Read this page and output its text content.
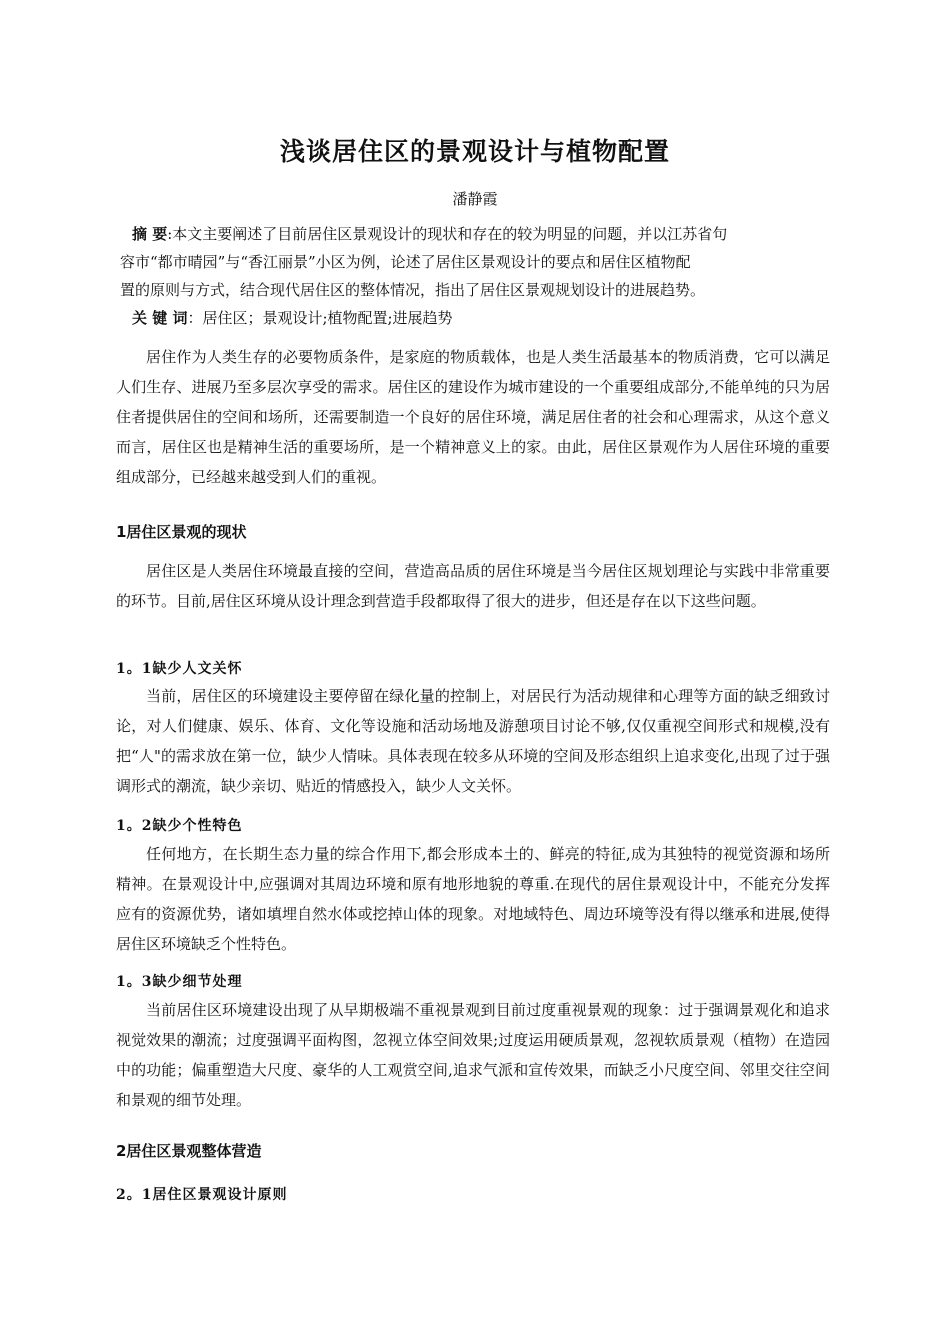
浅谈居住区的景观设计与植物配置
潘静霞
摘 要:本文主要阐述了目前居住区景观设计的现状和存在的较为明显的问题，并以江苏省句
容市“都市晴园”与“香江丽景”小区为例，论述了居住区景观设计的要点和居住区植物配
置的原则与方式，结合现代居住区的整体情况，指出了居住区景观规划设计的进展趋势。
关 键 词：居住区；景观设计;植物配置;进展趋势

居住作为人类生存的必要物质条件，是家庭的物质载体，也是人类生活最基本的物质消费，它可以满足人们生存、进展乃至多层次享受的需求。居住区的建设作为城市建设的一个重要组成部分,不能单纯的只为居住者提供居住的空间和场所，还需要制造一个良好的居住环境，满足居住者的社会和心理需求，从这个意义而言，居住区也是精神生活的重要场所，是一个精神意义上的家。由此，居住区景观作为人居住环境的重要组成部分，已经越来越受到人们的重视。

1居住区景观的现状

居住区是人类居住环境最直接的空间，营造高品质的居住环境是当今居住区规划理论与实践中非常重要的环节。目前,居住区环境从设计理念到营造手段都取得了很大的进步，但还是存在以下这些问题。

1。1缺少人文关怀

当前，居住区的环境建设主要停留在绿化量的控制上，对居民行为活动规律和心理等方面的缺乏细致讨论，对人们健康、娱乐、体育、文化等设施和活动场地及游憩项目讨论不够,仅仅重视空间形式和规模,没有把“人"的需求放在第一位，缺少人情味。具体表现在较多从环境的空间及形态组织上追求变化,出现了过于强调形式的潮流，缺少亲切、贴近的情感投入，缺少人文关怀。

1。2缺少个性特色

任何地方，在长期生态力量的综合作用下,都会形成本土的、鲜亮的特征,成为其独特的视觉资源和场所精神。在景观设计中,应强调对其周边环境和原有地形地貌的尊重.在现代的居住景观设计中，不能充分发挥应有的资源优势，诸如填埋自然水体或挖掉山体的现象。对地域特色、周边环境等没有得以继承和进展,使得居住区环境缺乏个性特色。

1。3缺少细节处理

当前居住区环境建设出现了从早期极端不重视景观到目前过度重视景观的现象：过于强调景观化和追求视觉效果的潮流；过度强调平面构图，忽视立体空间效果;过度运用硬质景观，忽视软质景观（植物）在造园中的功能；偏重塑造大尺度、豪华的人工观赏空间,追求气派和宣传效果，而缺乏小尺度空间、邻里交往空间和景观的细节处理。

2居住区景观整体营造
2。1居住区景观设计原则
